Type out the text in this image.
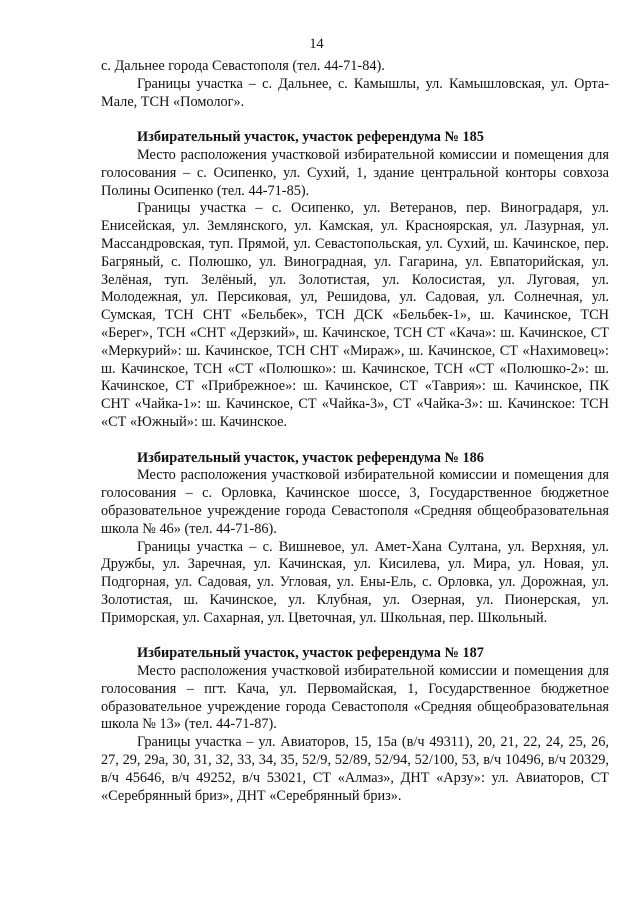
14

с. Дальнее города Севастополя (тел. 44-71-84).

Границы участка – с. Дальнее, с. Камышлы, ул. Камышловская, ул. Орта-Мале, ТСН «Помолог».

Избирательный участок, участок референдума № 185

Место расположения участковой избирательной комиссии и помещения для голосования – с. Осипенко, ул. Сухий, 1, здание центральной конторы совхоза Полины Осипенко (тел. 44-71-85).

Границы участка – с. Осипенко, ул. Ветеранов, пер. Виноградаря, ул. Енисейская, ул. Землянского, ул. Камская, ул. Красноярская, ул. Лазурная, ул. Массандровская, туп. Прямой, ул. Севастопольская, ул. Сухий, ш. Качинское, пер. Багряный, с. Полюшко, ул. Виноградная, ул. Гагарина, ул. Евпаторийская, ул. Зелёная, туп. Зелёный, ул. Золотистая, ул. Колосистая, ул. Луговая, ул. Молодежная, ул. Персиковая, ул, Решидова, ул. Садовая, ул. Солнечная, ул. Сумская, ТСН СНТ «Бельбек», ТСН ДСК «Бельбек-1», ш. Качинское, ТСН «Берег», ТСН «СНТ «Дерзкий», ш. Качинское, ТСН СТ «Кача»: ш. Качинское, СТ «Меркурий»: ш. Качинское, ТСН СНТ «Мираж», ш. Качинское, СТ «Нахимовец»: ш. Качинское, ТСН «СТ «Полюшко»: ш. Качинское, ТСН «СТ «Полюшко-2»: ш. Качинское, СТ «Прибрежное»: ш. Качинское, СТ «Таврия»: ш. Качинское, ПК СНТ «Чайка-1»: ш. Качинское, СТ «Чайка-3», СТ «Чайка-3»: ш. Качинское: ТСН «СТ «Южный»: ш. Качинское.

Избирательный участок, участок референдума № 186

Место расположения участковой избирательной комиссии и помещения для голосования – с. Орловка, Качинское шоссе, 3, Государственное бюджетное образовательное учреждение города Севастополя «Средняя общеобразовательная школа № 46» (тел. 44-71-86).

Границы участка – с. Вишневое, ул. Амет-Хана Султана, ул. Верхняя, ул. Дружбы, ул. Заречная, ул. Качинская, ул. Кисилева, ул. Мира, ул. Новая, ул. Подгорная, ул. Садовая, ул. Угловая, ул. Ены-Ель, с. Орловка, ул. Дорожная, ул. Золотистая, ш. Качинское, ул. Клубная, ул. Озерная, ул. Пионерская, ул. Приморская, ул. Сахарная, ул. Цветочная, ул. Школьная, пер. Школьный.

Избирательный участок, участок референдума № 187

Место расположения участковой избирательной комиссии и помещения для голосования – пгт. Кача, ул. Первомайская, 1, Государственное бюджетное образовательное учреждение города Севастополя «Средняя общеобразовательная школа № 13» (тел. 44-71-87).

Границы участка – ул. Авиаторов, 15, 15а (в/ч 49311), 20, 21, 22, 24, 25, 26, 27, 29, 29а, 30, 31, 32, 33, 34, 35, 52/9, 52/89, 52/94, 52/100, 53, в/ч 10496, в/ч 20329, в/ч 45646, в/ч 49252, в/ч 53021, СТ «Алмаз», ДНТ «Арзу»: ул. Авиаторов, СТ «Серебрянный бриз», ДНТ «Серебрянный бриз».
